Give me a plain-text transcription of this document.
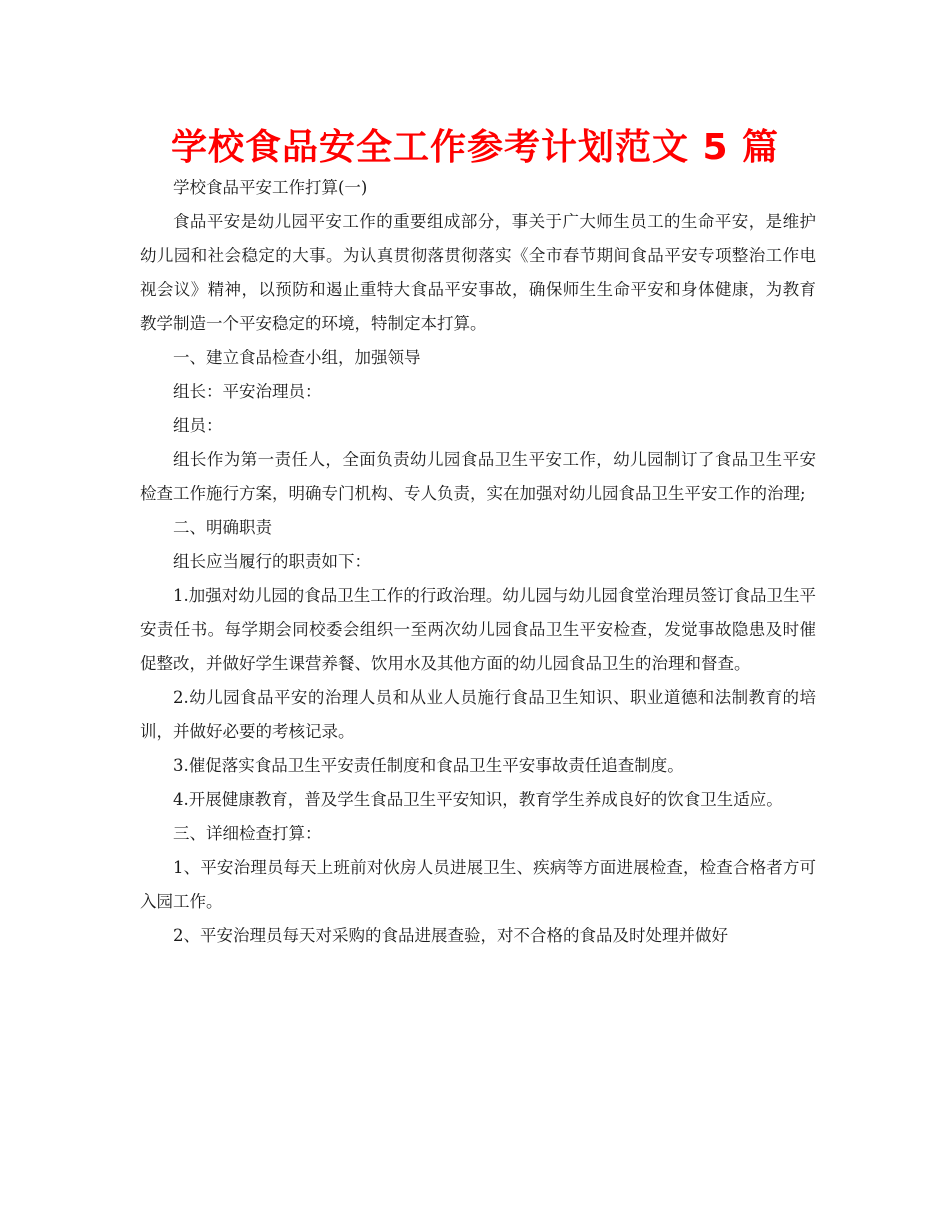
学校食品安全工作参考计划范文 5 篇

学校食品平安工作打算(一)

食品平安是幼儿园平安工作的重要组成部分，事关于广大师生员工的生命平安，是维护幼儿园和社会稳定的大事。为认真贯彻落贯彻落实《全市春节期间食品平安专项整治工作电视会议》精神，以预防和遏止重特大食品平安事故，确保师生生命平安和身体健康，为教育教学制造一个平安稳定的环境，特制定本打算。

一、建立食品检查小组，加强领导

组长：平安治理员：

组员：

组长作为第一责任人，全面负责幼儿园食品卫生平安工作，幼儿园制订了食品卫生平安检查工作施行方案，明确专门机构、专人负责，实在加强对幼儿园食品卫生平安工作的治理;

二、明确职责

组长应当履行的职责如下：

1.加强对幼儿园的食品卫生工作的行政治理。幼儿园与幼儿园食堂治理员签订食品卫生平安责任书。每学期会同校委会组织一至两次幼儿园食品卫生平安检查，发觉事故隐患及时催促整改，并做好学生课营养餐、饮用水及其他方面的幼儿园食品卫生的治理和督查。

2.幼儿园食品平安的治理人员和从业人员施行食品卫生知识、职业道德和法制教育的培训，并做好必要的考核记录。

3.催促落实食品卫生平安责任制度和食品卫生平安事故责任追查制度。

4.开展健康教育，普及学生食品卫生平安知识，教育学生养成良好的饮食卫生适应。

三、详细检查打算：

1、平安治理员每天上班前对伙房人员进展卫生、疾病等方面进展检查，检查合格者方可入园工作。

2、平安治理员每天对采购的食品进展查验，对不合格的食品及时处理并做好
